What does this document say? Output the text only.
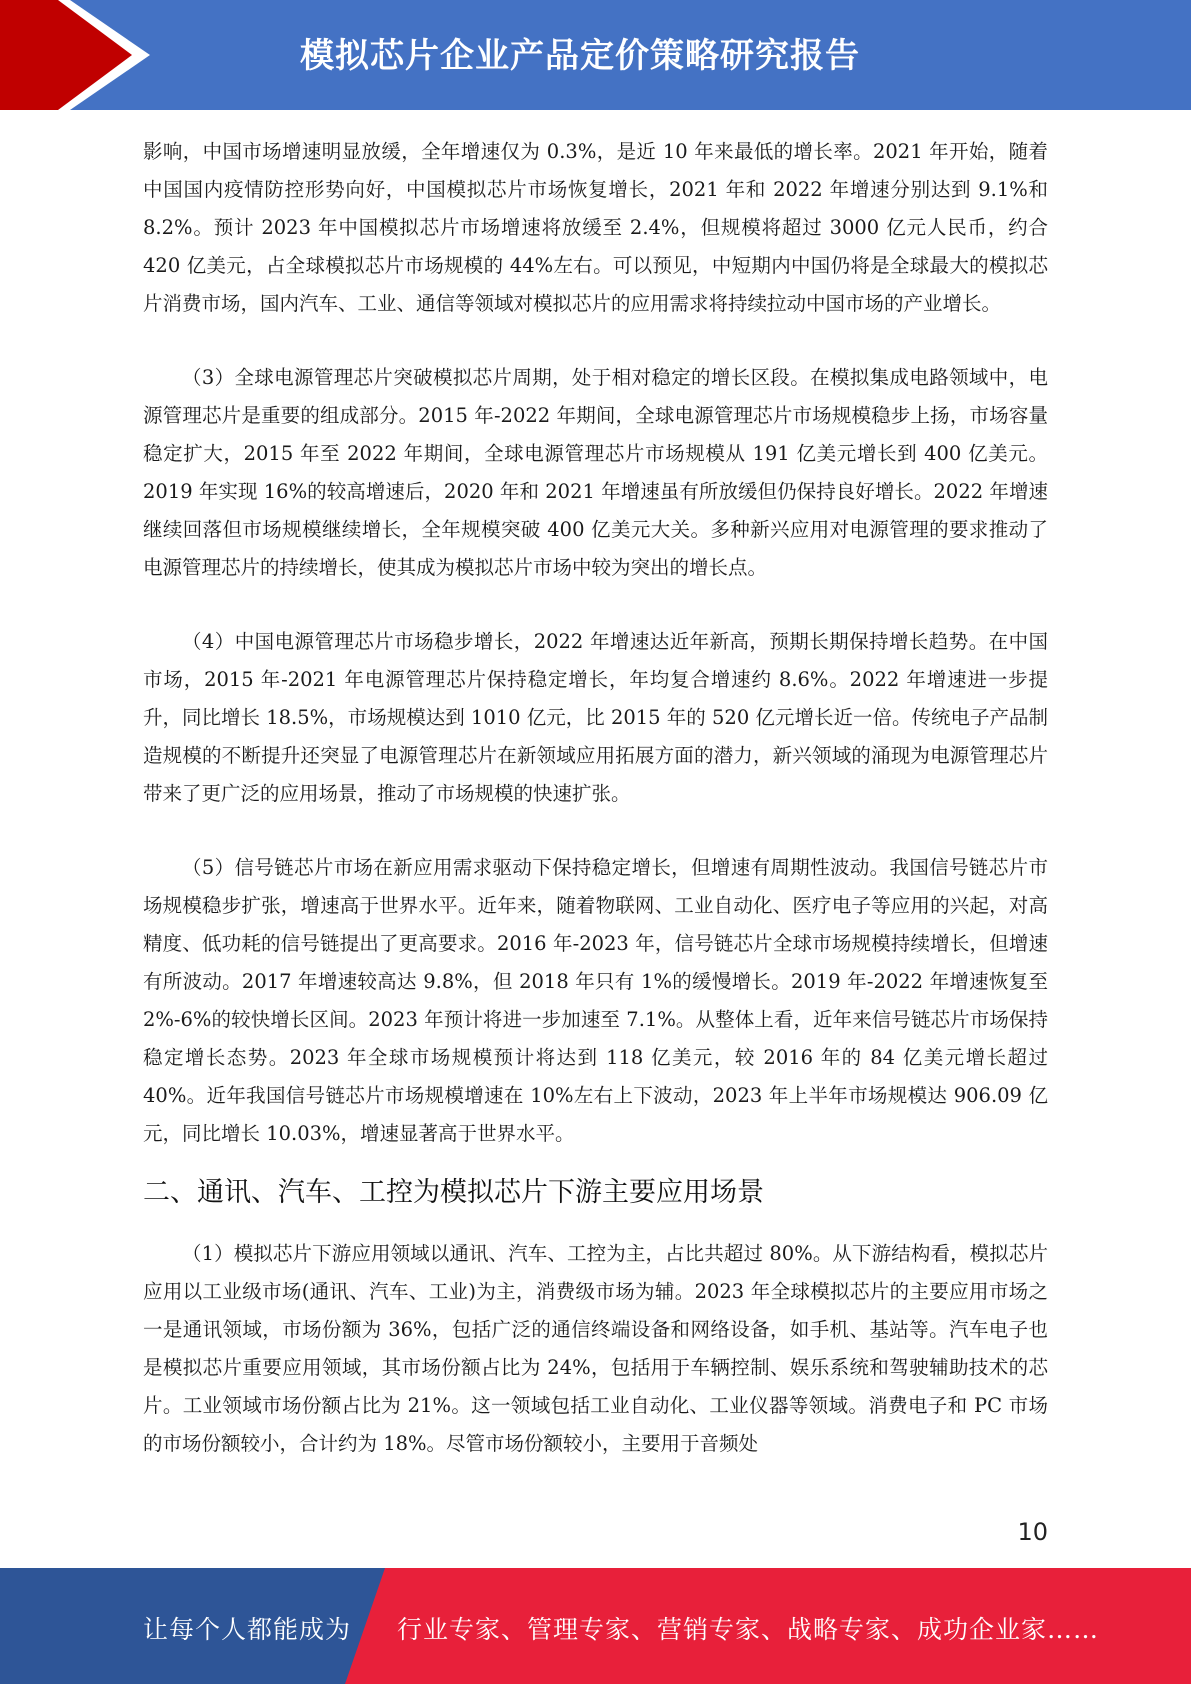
模拟芯片企业产品定价策略研究报告

影响，中国市场增速明显放缓，全年增速仅为 0.3%，是近 10 年来最低的增长率。2021 年开始，随着中国国内疫情防控形势向好，中国模拟芯片市场恢复增长，2021 年和 2022 年增速分别达到 9.1%和 8.2%。预计 2023 年中国模拟芯片市场增速将放缓至 2.4%，但规模将超过 3000 亿元人民币，约合 420 亿美元，占全球模拟芯片市场规模的 44%左右。可以预见，中短期内中国仍将是全球最大的模拟芯片消费市场，国内汽车、工业、通信等领域对模拟芯片的应用需求将持续拉动中国市场的产业增长。

（3）全球电源管理芯片突破模拟芯片周期，处于相对稳定的增长区段。在模拟集成电路领域中，电源管理芯片是重要的组成部分。2015 年-2022 年期间，全球电源管理芯片市场规模稳步上扬，市场容量稳定扩大，2015 年至 2022 年期间，全球电源管理芯片市场规模从 191 亿美元增长到 400 亿美元。2019 年实现 16%的较高增速后，2020 年和 2021 年增速虽有所放缓但仍保持良好增长。2022 年增速继续回落但市场规模继续增长，全年规模突破 400 亿美元大关。多种新兴应用对电源管理的要求推动了电源管理芯片的持续增长，使其成为模拟芯片市场中较为突出的增长点。

（4）中国电源管理芯片市场稳步增长，2022 年增速达近年新高，预期长期保持增长趋势。在中国市场，2015 年-2021 年电源管理芯片保持稳定增长，年均复合增速约 8.6%。2022 年增速进一步提升，同比增长 18.5%，市场规模达到 1010 亿元，比 2015 年的 520 亿元增长近一倍。传统电子产品制造规模的不断提升还突显了电源管理芯片在新领域应用拓展方面的潜力，新兴领域的涌现为电源管理芯片带来了更广泛的应用场景，推动了市场规模的快速扩张。

（5）信号链芯片市场在新应用需求驱动下保持稳定增长，但增速有周期性波动。我国信号链芯片市场规模稳步扩张，增速高于世界水平。近年来，随着物联网、工业自动化、医疗电子等应用的兴起，对高精度、低功耗的信号链提出了更高要求。2016 年-2023 年，信号链芯片全球市场规模持续增长，但增速有所波动。2017 年增速较高达 9.8%，但 2018 年只有 1%的缓慢增长。2019 年-2022 年增速恢复至 2%-6%的较快增长区间。2023 年预计将进一步加速至 7.1%。从整体上看，近年来信号链芯片市场保持稳定增长态势。2023 年全球市场规模预计将达到 118 亿美元，较 2016 年的 84 亿美元增长超过 40%。近年我国信号链芯片市场规模增速在 10%左右上下波动，2023 年上半年市场规模达 906.09 亿元，同比增长 10.03%，增速显著高于世界水平。

二、通讯、汽车、工控为模拟芯片下游主要应用场景

（1）模拟芯片下游应用领域以通讯、汽车、工控为主，占比共超过 80%。从下游结构看，模拟芯片应用以工业级市场(通讯、汽车、工业)为主，消费级市场为辅。2023 年全球模拟芯片的主要应用市场之一是通讯领域，市场份额为 36%，包括广泛的通信终端设备和网络设备，如手机、基站等。汽车电子也是模拟芯片重要应用领域，其市场份额占比为 24%，包括用于车辆控制、娱乐系统和驾驶辅助技术的芯片。工业领域市场份额占比为 21%。这一领域包括工业自动化、工业仪器等领域。消费电子和 PC 市场的市场份额较小，合计约为 18%。尽管市场份额较小，主要用于音频处

10
让每个人都能成为 行业专家、管理专家、营销专家、战略专家、成功企业家……
